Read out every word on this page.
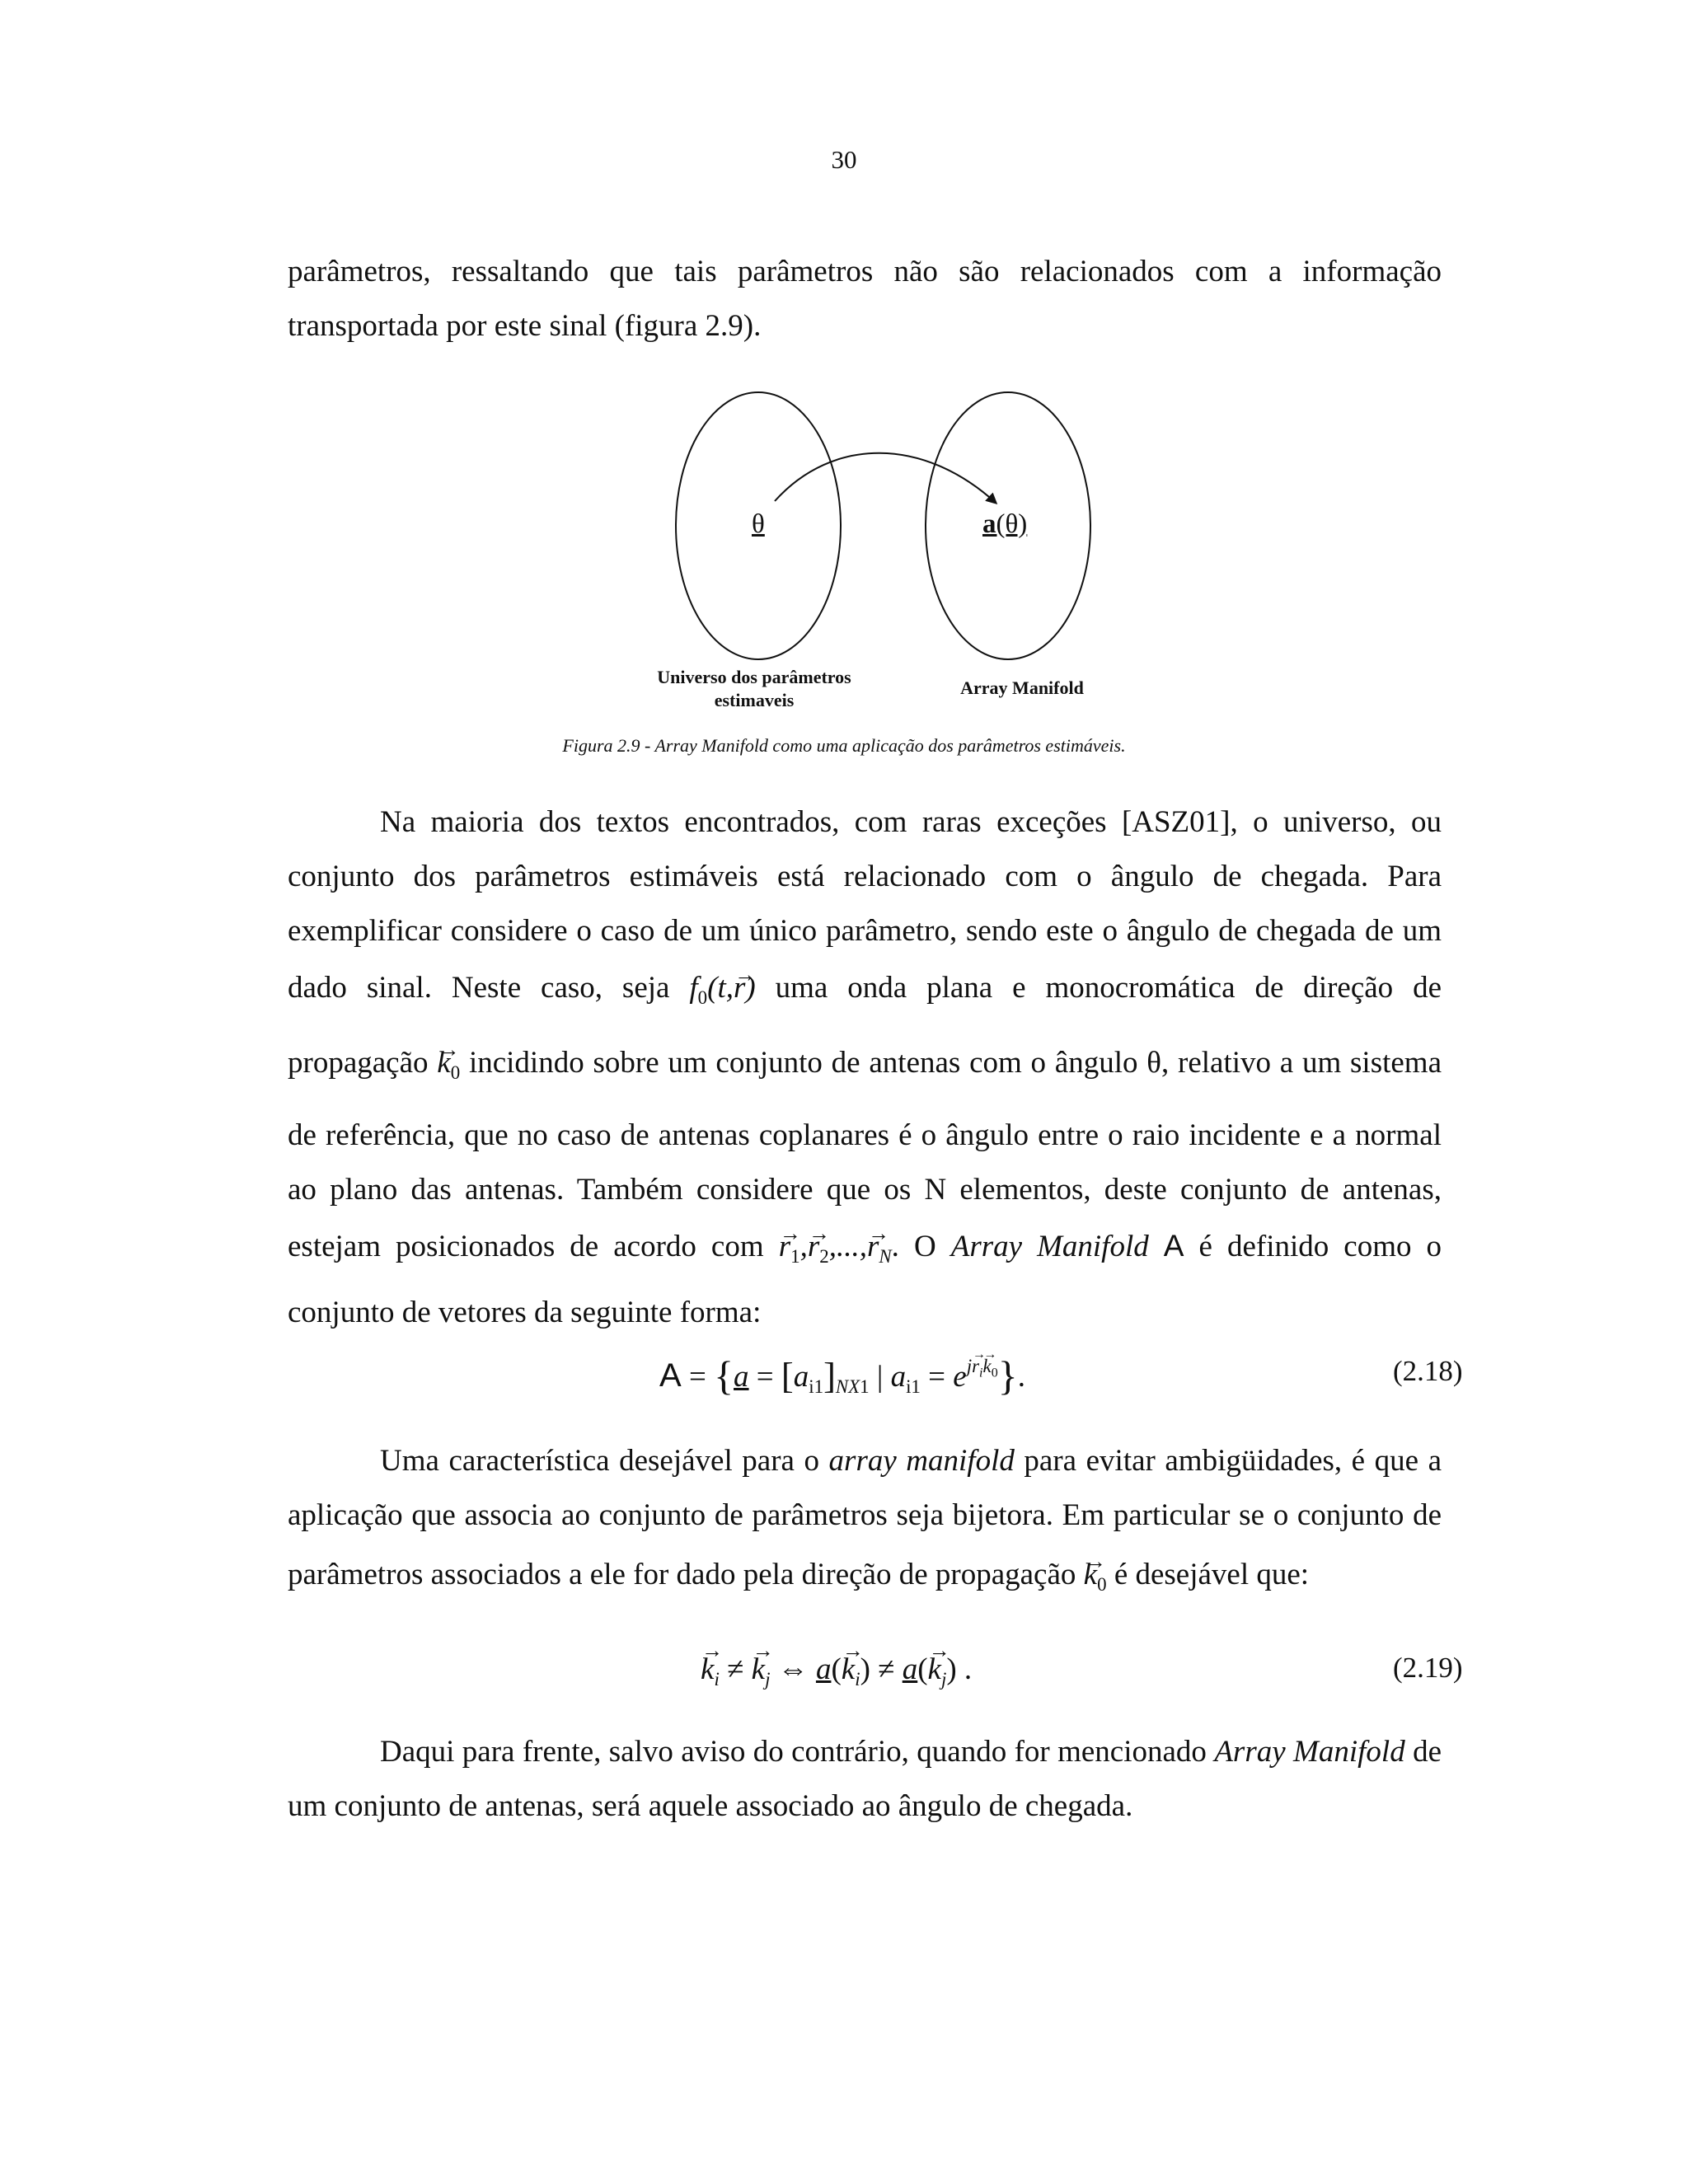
30

parâmetros, ressaltando que tais parâmetros não são relacionados com a informação
transportada por este sinal (figura 2.9).

θ	a(θ)
Universo dos parâmetros
estimaveis
Array Manifold
Figura 2.9 - Array Manifold como uma aplicação dos parâmetros estimáveis.

Na maioria dos textos encontrados, com raras exceções [ASZ01], o universo, ou
conjunto dos parâmetros estimáveis está relacionado com o ângulo de chegada. Para
exemplificar considere o caso de um único parâmetro, sendo este o ângulo de chegada de um
dado sinal. Neste caso, seja $f_0(t,\to r)$ uma onda plana e monocromática de direção de
propagação → $k_0$ incidindo sobre um conjunto de antenas com o ângulo θ, relativo a um sistema
de referência, que no caso de antenas coplanares é o ângulo entre o raio incidente e a normal
ao plano das antenas. Também considere que os N elementos, deste conjunto de antenas,
estejam posicionados de acordo com → $r_1,\to r_2,...,\to r_N$. O Array Manifold A é definido como o
conjunto de vetores da seguinte forma:

$A = \{a = [a_{i1}]_{NX1}$ | $a_{i1} = e^{j\to r_i\to k_0}$}.	(2.18)

Uma característica desejável para o array manifold para evitar ambigüidades, é que a
aplicação que associa ao conjunto de parâmetros seja bijetora. Em particular se o conjunto de
parâmetros associados a ele for dado pela direção de propagação → $k_0$ é desejável que:

→ $k_i$ ≠ → $k_j$ ⇔ $a(\to k_i) \ne a(\to k_j)$ .	(2.19)

Daqui para frente, salvo aviso do contrário, quando for mencionado Array Manifold de
um conjunto de antenas, será aquele associado ao ângulo de chegada.
